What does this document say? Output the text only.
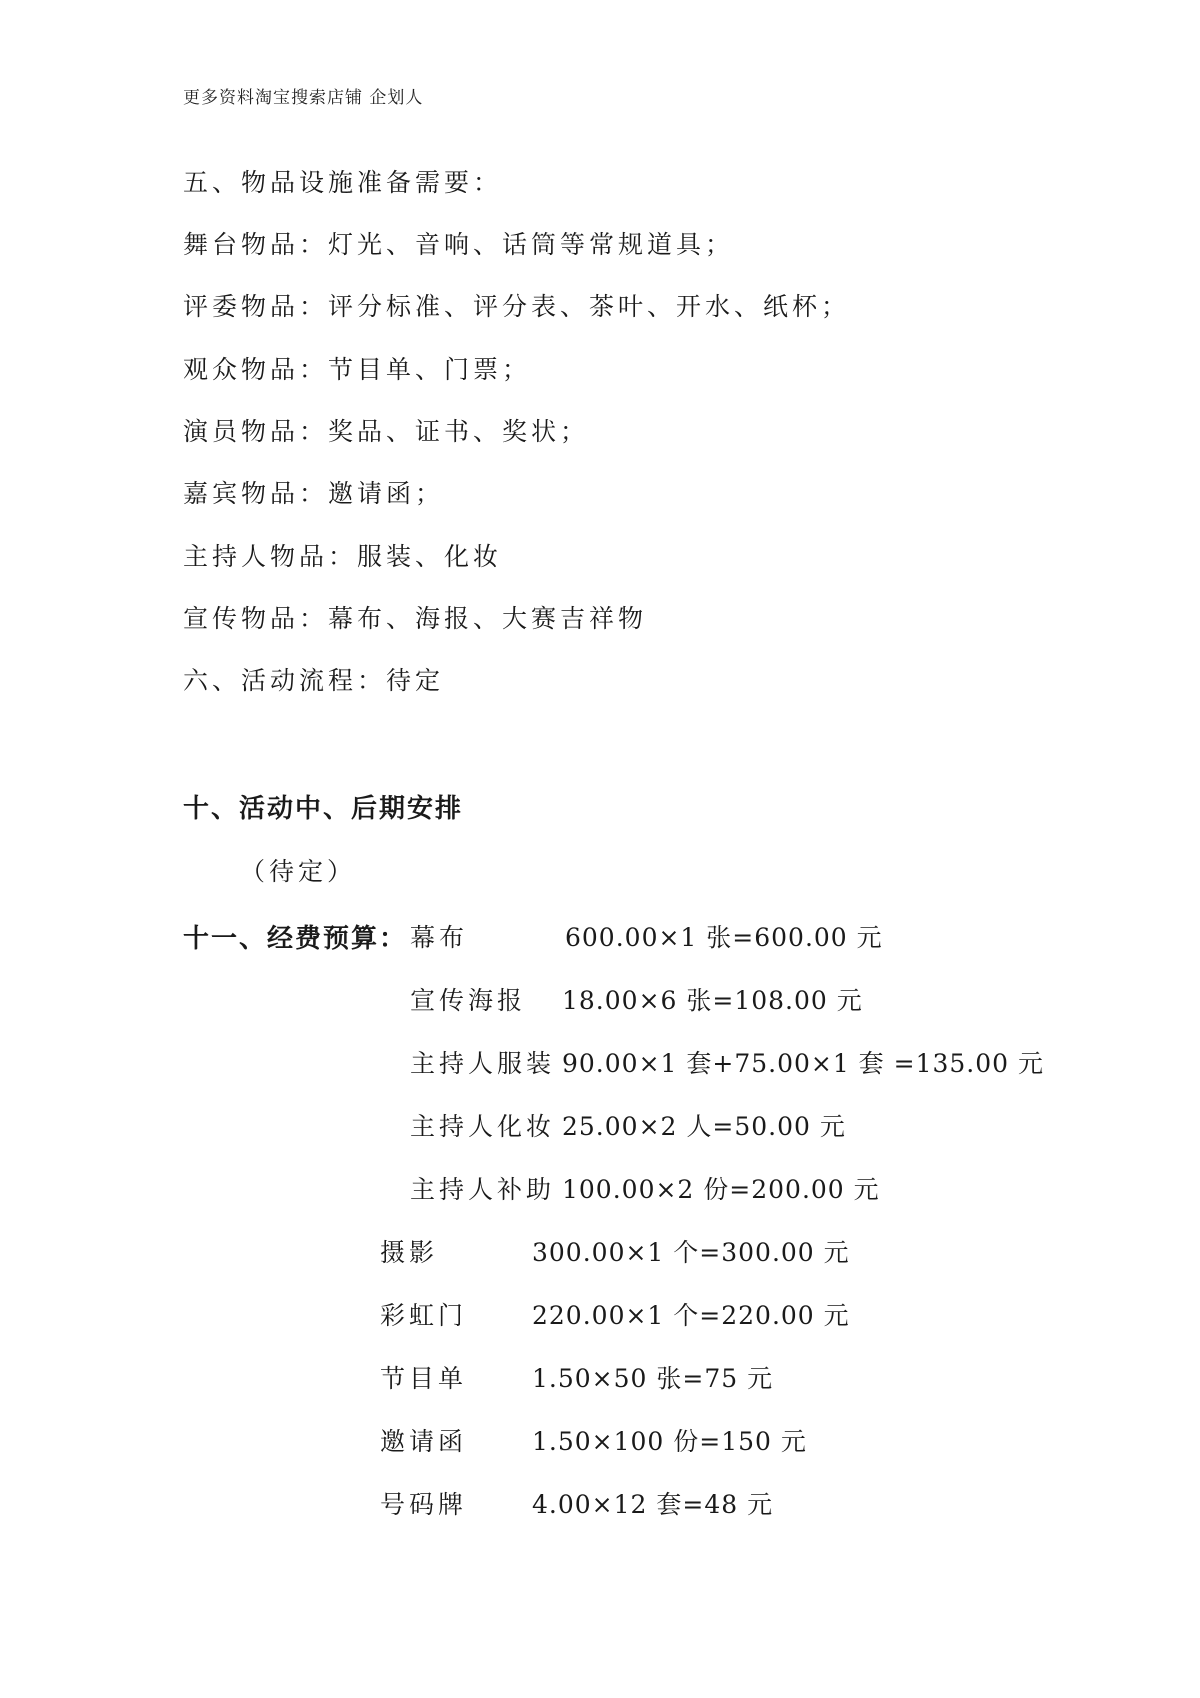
更多资料淘宝搜索店铺 企划人
五、物品设施准备需要：
舞台物品：灯光、音响、话筒等常规道具；
评委物品：评分标准、评分表、茶叶、开水、纸杯；
观众物品：节目单、门票；
演员物品：奖品、证书、奖状；
嘉宾物品：邀请函；
主持人物品：服装、化妆
宣传物品：幕布、海报、大赛吉祥物
六、活动流程：待定
十、活动中、后期安排
（待定）
十一、经费预算： 幕布	600.00×1 张=600.00 元
宣传海报	18.00×6 张=108.00 元
主持人服装 90.00×1 套+75.00×1 套 =135.00 元
主持人化妆 25.00×2 人=50.00 元
主持人补助 100.00×2 份=200.00 元
摄影	300.00×1 个=300.00 元
彩虹门	220.00×1 个=220.00 元
节目单	1.50×50 张=75 元
邀请函	1.50×100 份=150 元
号码牌	4.00×12 套=48 元
